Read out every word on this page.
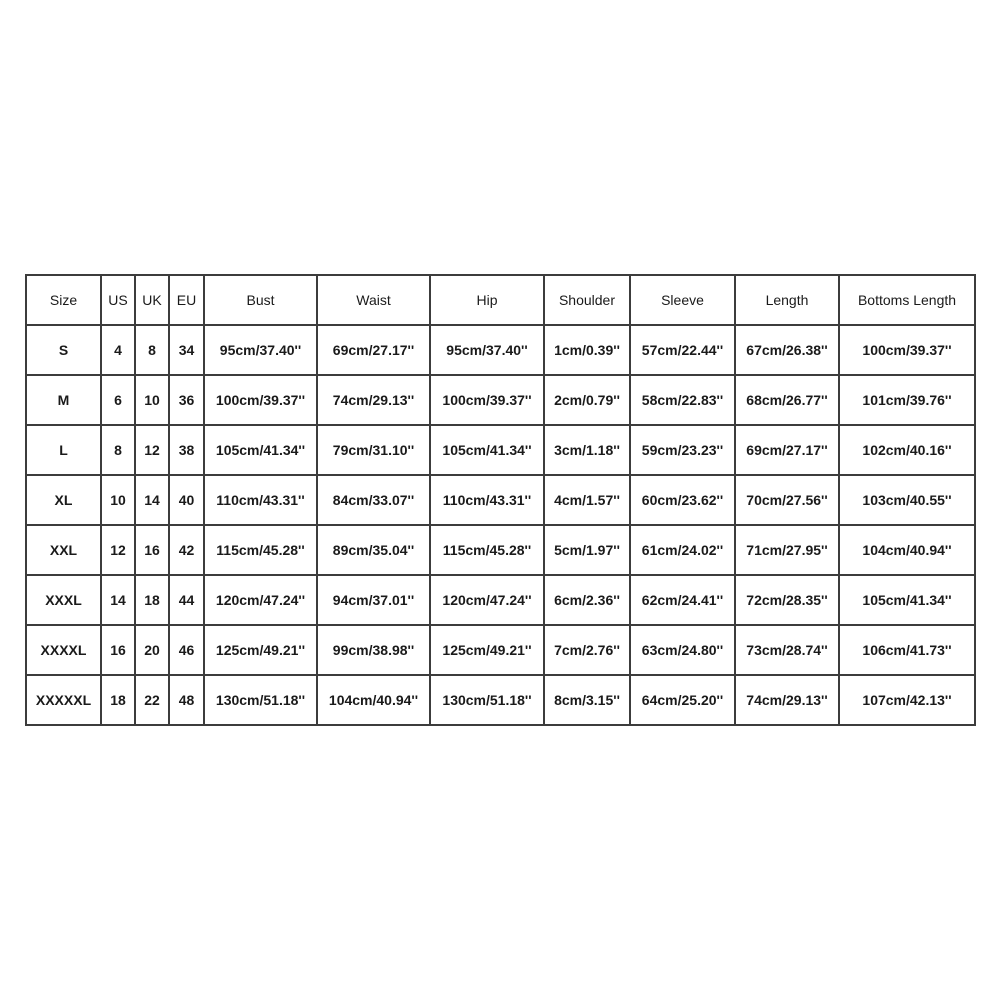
Size	US	UK	EU	Bust	Waist	Hip	Shoulder	Sleeve	Length	Bottoms Length
S	4	8	34	95cm/37.40''	69cm/27.17''	95cm/37.40''	1cm/0.39''	57cm/22.44''	67cm/26.38''	100cm/39.37''
M	6	10	36	100cm/39.37''	74cm/29.13''	100cm/39.37''	2cm/0.79''	58cm/22.83''	68cm/26.77''	101cm/39.76''
L	8	12	38	105cm/41.34''	79cm/31.10''	105cm/41.34''	3cm/1.18''	59cm/23.23''	69cm/27.17''	102cm/40.16''
XL	10	14	40	110cm/43.31''	84cm/33.07''	110cm/43.31''	4cm/1.57''	60cm/23.62''	70cm/27.56''	103cm/40.55''
XXL	12	16	42	115cm/45.28''	89cm/35.04''	115cm/45.28''	5cm/1.97''	61cm/24.02''	71cm/27.95''	104cm/40.94''
XXXL	14	18	44	120cm/47.24''	94cm/37.01''	120cm/47.24''	6cm/2.36''	62cm/24.41''	72cm/28.35''	105cm/41.34''
XXXXL	16	20	46	125cm/49.21''	99cm/38.98''	125cm/49.21''	7cm/2.76''	63cm/24.80''	73cm/28.74''	106cm/41.73''
XXXXXL	18	22	48	130cm/51.18''	104cm/40.94''	130cm/51.18''	8cm/3.15''	64cm/25.20''	74cm/29.13''	107cm/42.13''
